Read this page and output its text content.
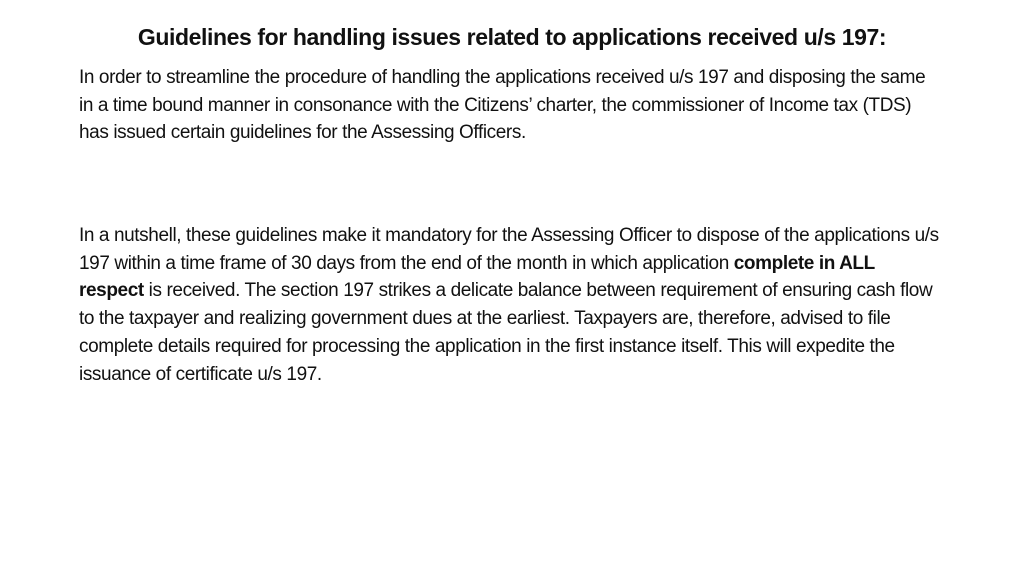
Guidelines for handling issues related to applications received u/s 197:

In order to streamline the procedure of handling the applications received u/s 197 and disposing the same in a time bound manner in consonance with the Citizens’ charter, the commissioner of Income tax (TDS) has issued certain guidelines for the Assessing Officers.

In a nutshell, these guidelines make it mandatory for the Assessing Officer to dispose of the applications u/s 197 within a time frame of 30 days from the end of the month in which application complete in ALL respect is received. The section 197 strikes a delicate balance between requirement of ensuring cash flow to the taxpayer and realizing government dues at the earliest. Taxpayers are, therefore, advised to file complete details required for processing the application in the first instance itself. This will expedite the issuance of certificate u/s 197.
